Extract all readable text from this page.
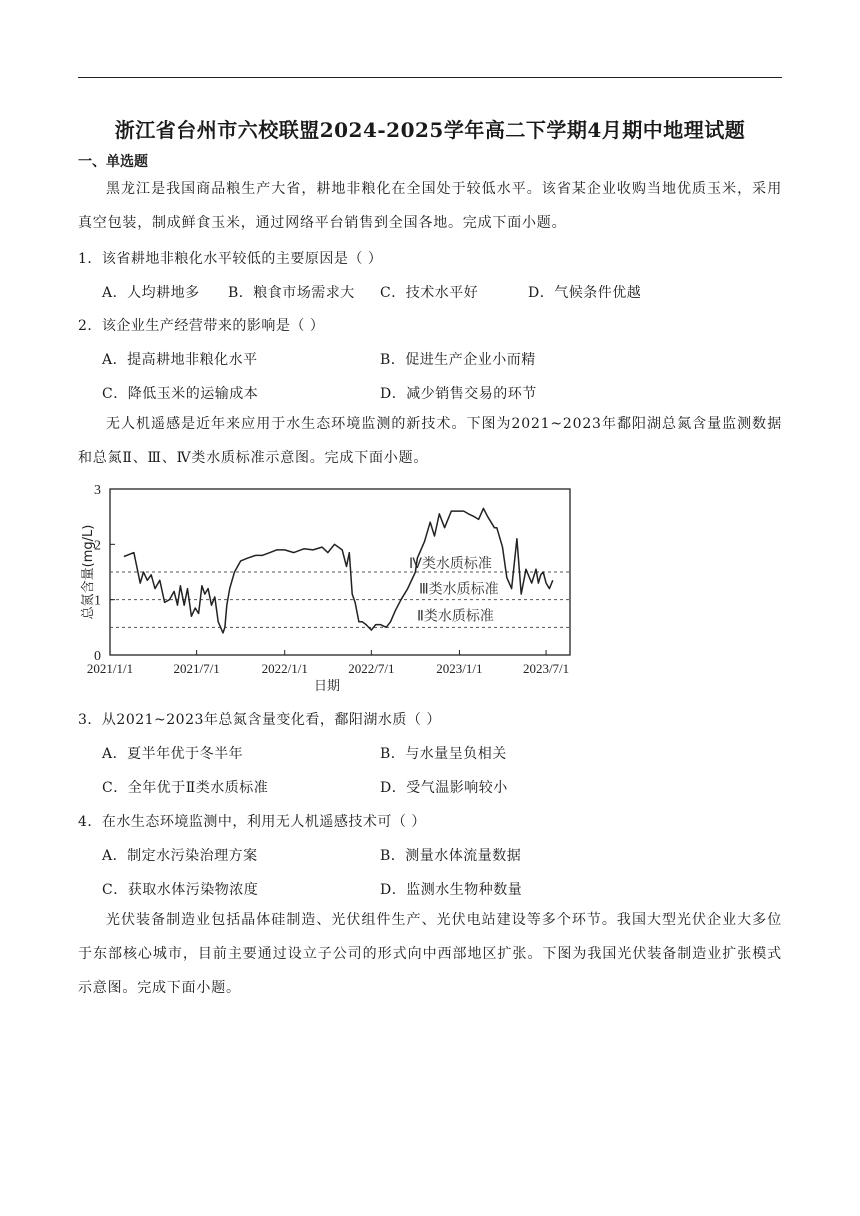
浙江省台州市六校联盟2024-2025学年高二下学期4月期中地理试题
一、单选题
黑龙江是我国商品粮生产大省，耕地非粮化在全国处于较低水平。该省某企业收购当地优质玉米，采用真空包装，制成鲜食玉米，通过网络平台销售到全国各地。完成下面小题。
1．该省耕地非粮化水平较低的主要原因是（ ）
A．人均耕地多 B．粮食市场需求大 C．技术水平好	D．气候条件优越
2．该企业生产经营带来的影响是（ ）
A．提高耕地非粮化水平	B．促进生产企业小而精
C．降低玉米的运输成本	D．减少销售交易的环节
无人机遥感是近年来应用于水生态环境监测的新技术。下图为2021~2023年鄱阳湖总氮含量监测数据和总氮Ⅱ、Ⅲ、Ⅳ类水质标准示意图。完成下面小题。
Ⅳ类水质标准
Ⅲ类水质标准
Ⅱ类水质标准
0
1
2
3
2021/1/1	2021/7/1	2022/1/1	2022/7/1	2023/1/1	2023/7/1
总氮含量(mg/L)
日期
3．从2021~2023年总氮含量变化看，鄱阳湖水质（ ）
A．夏半年优于冬半年	B．与水量呈负相关
C．全年优于Ⅱ类水质标准	D．受气温影响较小
4．在水生态环境监测中，利用无人机遥感技术可（ ）
A．制定水污染治理方案	B．测量水体流量数据
C．获取水体污染物浓度	D．监测水生物种数量
光伏装备制造业包括晶体硅制造、光伏组件生产、光伏电站建设等多个环节。我国大型光伏企业大多位于东部核心城市，目前主要通过设立子公司的形式向中西部地区扩张。下图为我国光伏装备制造业扩张模式示意图。完成下面小题。
